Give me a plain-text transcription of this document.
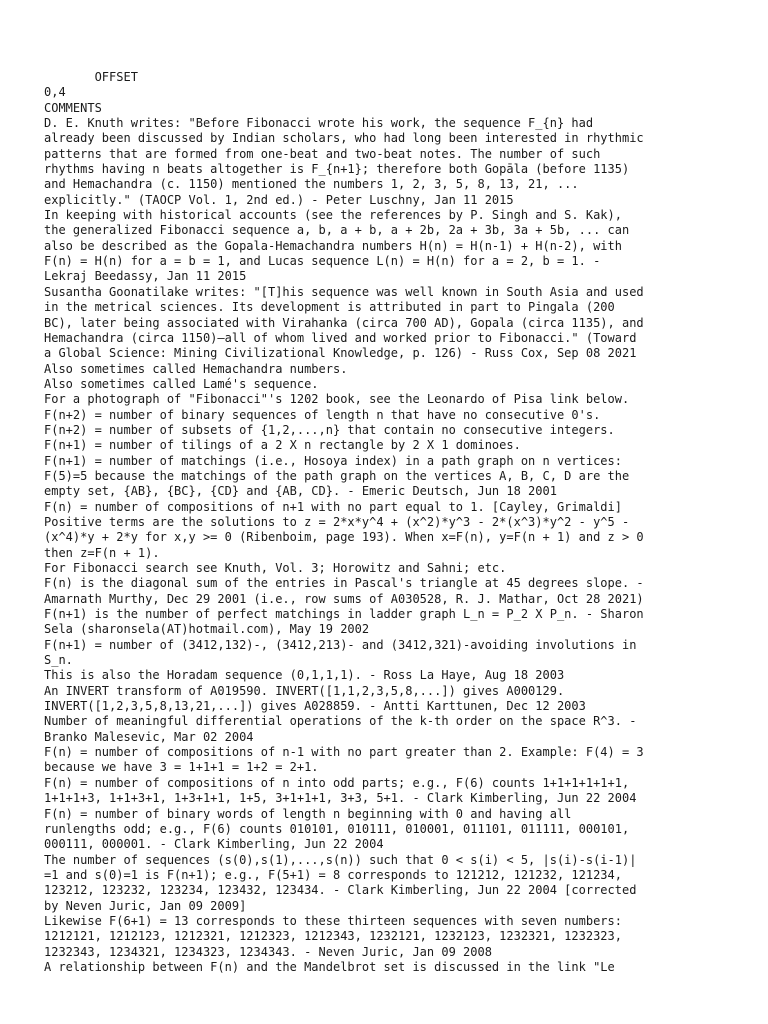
OFFSET
0,4
COMMENTS
D. E. Knuth writes: "Before Fibonacci wrote his work, the sequence F_{n} had
already been discussed by Indian scholars, who had long been interested in rhythmic
patterns that are formed from one-beat and two-beat notes. The number of such
rhythms having n beats altogether is F_{n+1}; therefore both Gopāla (before 1135)
and Hemachandra (c. 1150) mentioned the numbers 1, 2, 3, 5, 8, 13, 21, ...
explicitly." (TAOCP Vol. 1, 2nd ed.) - Peter Luschny, Jan 11 2015
In keeping with historical accounts (see the references by P. Singh and S. Kak),
the generalized Fibonacci sequence a, b, a + b, a + 2b, 2a + 3b, 3a + 5b, ... can
also be described as the Gopala-Hemachandra numbers H(n) = H(n-1) + H(n-2), with
F(n) = H(n) for a = b = 1, and Lucas sequence L(n) = H(n) for a = 2, b = 1. -
Lekraj Beedassy, Jan 11 2015
Susantha Goonatilake writes: "[T]his sequence was well known in South Asia and used
in the metrical sciences. Its development is attributed in part to Pingala (200
BC), later being associated with Virahanka (circa 700 AD), Gopala (circa 1135), and
Hemachandra (circa 1150)—all of whom lived and worked prior to Fibonacci." (Toward
a Global Science: Mining Civilizational Knowledge, p. 126) - Russ Cox, Sep 08 2021
Also sometimes called Hemachandra numbers.
Also sometimes called Lamé's sequence.
For a photograph of "Fibonacci"'s 1202 book, see the Leonardo of Pisa link below.
F(n+2) = number of binary sequences of length n that have no consecutive 0's.
F(n+2) = number of subsets of {1,2,...,n} that contain no consecutive integers.
F(n+1) = number of tilings of a 2 X n rectangle by 2 X 1 dominoes.
F(n+1) = number of matchings (i.e., Hosoya index) in a path graph on n vertices:
F(5)=5 because the matchings of the path graph on the vertices A, B, C, D are the
empty set, {AB}, {BC}, {CD} and {AB, CD}. - Emeric Deutsch, Jun 18 2001
F(n) = number of compositions of n+1 with no part equal to 1. [Cayley, Grimaldi]
Positive terms are the solutions to z = 2*x*y^4 + (x^2)*y^3 - 2*(x^3)*y^2 - y^5 -
(x^4)*y + 2*y for x,y >= 0 (Ribenboim, page 193). When x=F(n), y=F(n + 1) and z > 0
then z=F(n + 1).
For Fibonacci search see Knuth, Vol. 3; Horowitz and Sahni; etc.
F(n) is the diagonal sum of the entries in Pascal's triangle at 45 degrees slope. -
Amarnath Murthy, Dec 29 2001 (i.e., row sums of A030528, R. J. Mathar, Oct 28 2021)
F(n+1) is the number of perfect matchings in ladder graph L_n = P_2 X P_n. - Sharon
Sela (sharonsela(AT)hotmail.com), May 19 2002
F(n+1) = number of (3412,132)-, (3412,213)- and (3412,321)-avoiding involutions in
S_n.
This is also the Horadam sequence (0,1,1,1). - Ross La Haye, Aug 18 2003
An INVERT transform of A019590. INVERT([1,1,2,3,5,8,...]) gives A000129.
INVERT([1,2,3,5,8,13,21,...]) gives A028859. - Antti Karttunen, Dec 12 2003
Number of meaningful differential operations of the k-th order on the space R^3. -
Branko Malesevic, Mar 02 2004
F(n) = number of compositions of n-1 with no part greater than 2. Example: F(4) = 3
because we have 3 = 1+1+1 = 1+2 = 2+1.
F(n) = number of compositions of n into odd parts; e.g., F(6) counts 1+1+1+1+1+1,
1+1+1+3, 1+1+3+1, 1+3+1+1, 1+5, 3+1+1+1, 3+3, 5+1. - Clark Kimberling, Jun 22 2004
F(n) = number of binary words of length n beginning with 0 and having all
runlengths odd; e.g., F(6) counts 010101, 010111, 010001, 011101, 011111, 000101,
000111, 000001. - Clark Kimberling, Jun 22 2004
The number of sequences (s(0),s(1),...,s(n)) such that 0 < s(i) < 5, |s(i)-s(i-1)|
=1 and s(0)=1 is F(n+1); e.g., F(5+1) = 8 corresponds to 121212, 121232, 121234,
123212, 123232, 123234, 123432, 123434. - Clark Kimberling, Jun 22 2004 [corrected
by Neven Juric, Jan 09 2009]
Likewise F(6+1) = 13 corresponds to these thirteen sequences with seven numbers:
1212121, 1212123, 1212321, 1212323, 1212343, 1232121, 1232123, 1232321, 1232323,
1232343, 1234321, 1234323, 1234343. - Neven Juric, Jan 09 2008
A relationship between F(n) and the Mandelbrot set is discussed in the link "Le
